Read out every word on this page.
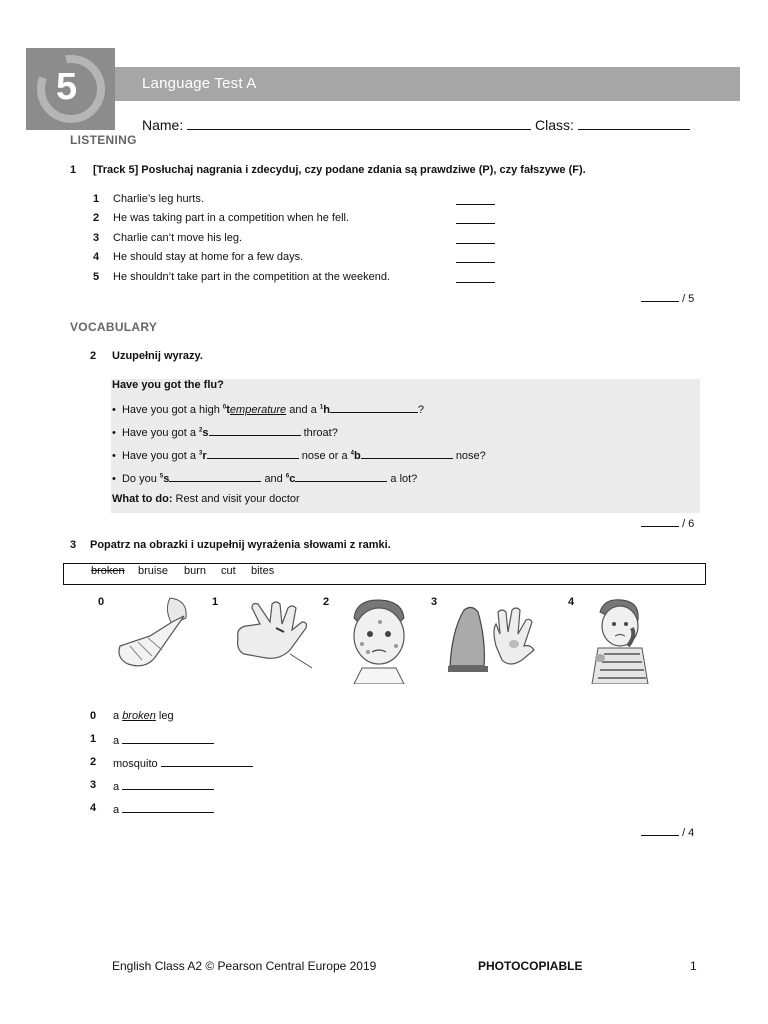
5	Language Test A
Name:	Class:
LISTENING
1 [Track 5] Posłuchaj nagrania i zdecyduj, czy podane zdania są prawdziwe (P), czy fałszywe (F).
1 Charlie’s leg hurts.
2 He was taking part in a competition when he fell.
3 Charlie can’t move his leg.
4 He should stay at home for a few days.
5 He shouldn’t take part in the competition at the weekend.
/ 5
VOCABULARY
2 Uzupełnij wyrazy.
Have you got the flu?
• Have you got a high $^0$temperature and a $^1$h	?
• Have you got a $^2$s	throat?
• Have you got a $^3$r	nose or a $^4$b	nose?
• Do you $^5$s	and $^6$c	a lot?
What to do: Rest and visit your doctor
/ 6
3 Popatrz na obrazki i uzupełnij wyrażenia słowami z ramki.
broken bruise burn cut bites
0	1	2	3	4
0 a broken leg
1 a
2 mosquito
3 a
4 a
/ 4
English Class A2 © Pearson Central Europe 2019	PHOTOCOPIABLE	1
